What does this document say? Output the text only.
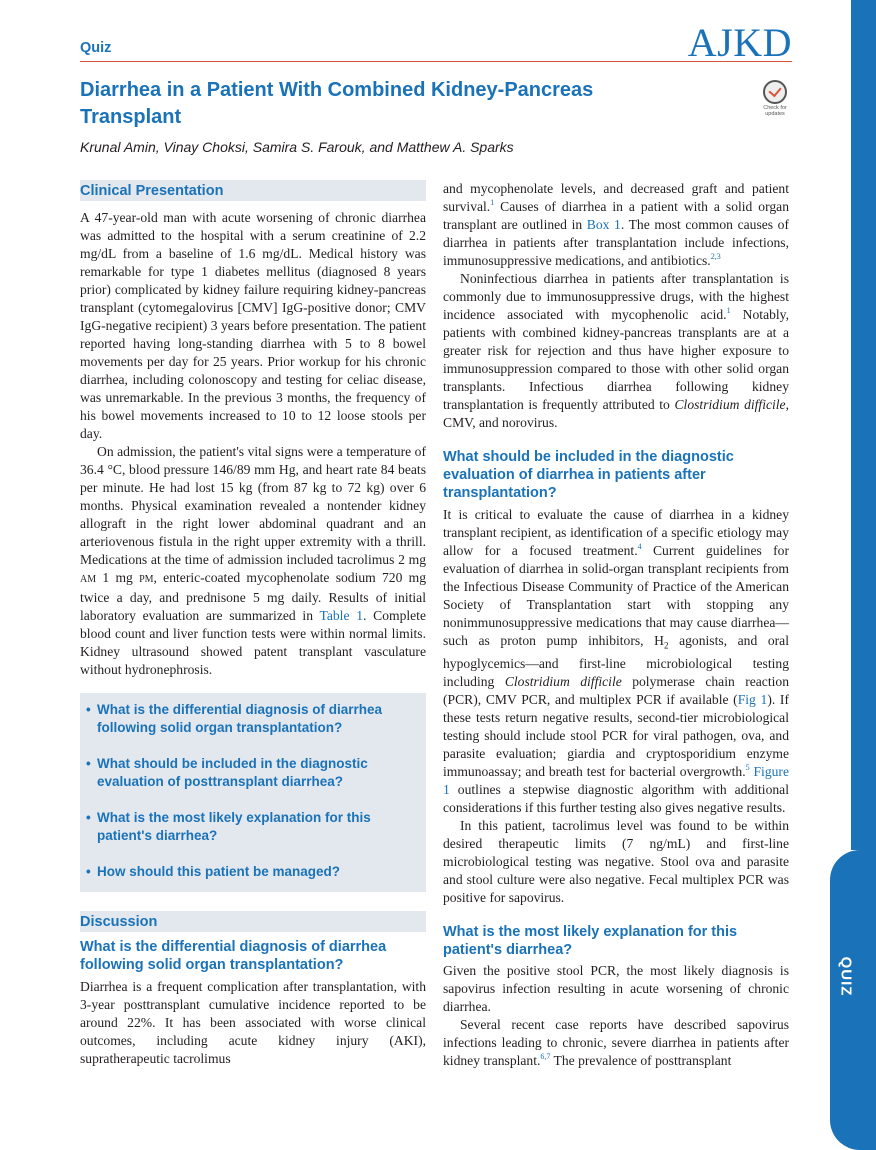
Quiz	AJKD
Diarrhea in a Patient With Combined Kidney-Pancreas Transplant	Check for updates
Krunal Amin, Vinay Choksi, Samira S. Farouk, and Matthew A. Sparks
QUIZ
Clinical Presentation

A 47-year-old man with acute worsening of chronic diarrhea was admitted to the hospital with a serum creatinine of 2.2 mg/dL from a baseline of 1.6 mg/dL. Medical history was remarkable for type 1 diabetes mellitus (diagnosed 8 years prior) complicated by kidney failure requiring kidney-pancreas transplant (cytomegalovirus [CMV] IgG-positive donor; CMV IgG-negative recipient) 3 years before presentation. The patient reported having long-standing diarrhea with 5 to 8 bowel movements per day for 25 years. Prior workup for his chronic diarrhea, including colonoscopy and testing for celiac disease, was unremarkable. In the previous 3 months, the frequency of his bowel movements increased to 10 to 12 loose stools per day.

On admission, the patient's vital signs were a temperature of 36.4 °C, blood pressure 146/89 mm Hg, and heart rate 84 beats per minute. He had lost 15 kg (from 87 kg to 72 kg) over 6 months. Physical examination revealed a nontender kidney allograft in the right lower abdominal quadrant and an arteriovenous fistula in the right upper extremity with a thrill. Medications at the time of admission included tacrolimus 2 mg AM 1 mg PM, enteric-coated mycophenolate sodium 720 mg twice a day, and prednisone 5 mg daily. Results of initial laboratory evaluation are summarized in Table 1. Complete blood count and liver function tests were within normal limits. Kidney ultrasound showed patent transplant vasculature without hydronephrosis.

• What is the differential diagnosis of diarrhea following solid organ transplantation?
• What should be included in the diagnostic evaluation of posttransplant diarrhea?
• What is the most likely explanation for this patient's diarrhea?
• How should this patient be managed?
Discussion
What is the differential diagnosis of diarrhea following solid organ transplantation?

Diarrhea is a frequent complication after transplantation, with 3-year posttransplant cumulative incidence reported to be around 22%. It has been associated with worse clinical outcomes, including acute kidney injury (AKI), supratherapeutic tacrolimus

and mycophenolate levels, and decreased graft and patient survival.$^1$ Causes of diarrhea in a patient with a solid organ transplant are outlined in Box 1. The most common causes of diarrhea in patients after transplantation include infections, immunosuppressive medications, and antibiotics.$^{2,3}$

Noninfectious diarrhea in patients after transplantation is commonly due to immunosuppressive drugs, with the highest incidence associated with mycophenolic acid.$^1$ Notably, patients with combined kidney-pancreas transplants are at a greater risk for rejection and thus have higher exposure to immunosuppression compared to those with other solid organ transplants. Infectious diarrhea following kidney transplantation is frequently attributed to Clostridium difficile, CMV, and norovirus.

What should be included in the diagnostic evaluation of diarrhea in patients after transplantation?

It is critical to evaluate the cause of diarrhea in a kidney transplant recipient, as identification of a specific etiology may allow for a focused treatment.$^4$ Current guidelines for evaluation of diarrhea in solid-organ transplant recipients from the Infectious Disease Community of Practice of the American Society of Transplantation start with stopping any nonimmunosuppressive medications that may cause diarrhea—such as proton pump inhibitors, $H_2$ agonists, and oral hypoglycemics—and first-line microbiological testing including Clostridium difficile polymerase chain reaction (PCR), CMV PCR, and multiplex PCR if available (Fig 1). If these tests return negative results, second-tier microbiological testing should include stool PCR for viral pathogen, ova, and parasite evaluation; giardia and cryptosporidium enzyme immunoassay; and breath test for bacterial overgrowth.$^5$ Figure 1 outlines a stepwise diagnostic algorithm with additional considerations if this further testing also gives negative results.

In this patient, tacrolimus level was found to be within desired therapeutic limits (7 ng/mL) and first-line microbiological testing was negative. Stool ova and parasite and stool culture were also negative. Fecal multiplex PCR was positive for sapovirus.

What is the most likely explanation for this patient's diarrhea?

Given the positive stool PCR, the most likely diagnosis is sapovirus infection resulting in acute worsening of chronic diarrhea.

Several recent case reports have described sapovirus infections leading to chronic, severe diarrhea in patients after kidney transplant.$^{6,7}$ The prevalence of posttransplant
